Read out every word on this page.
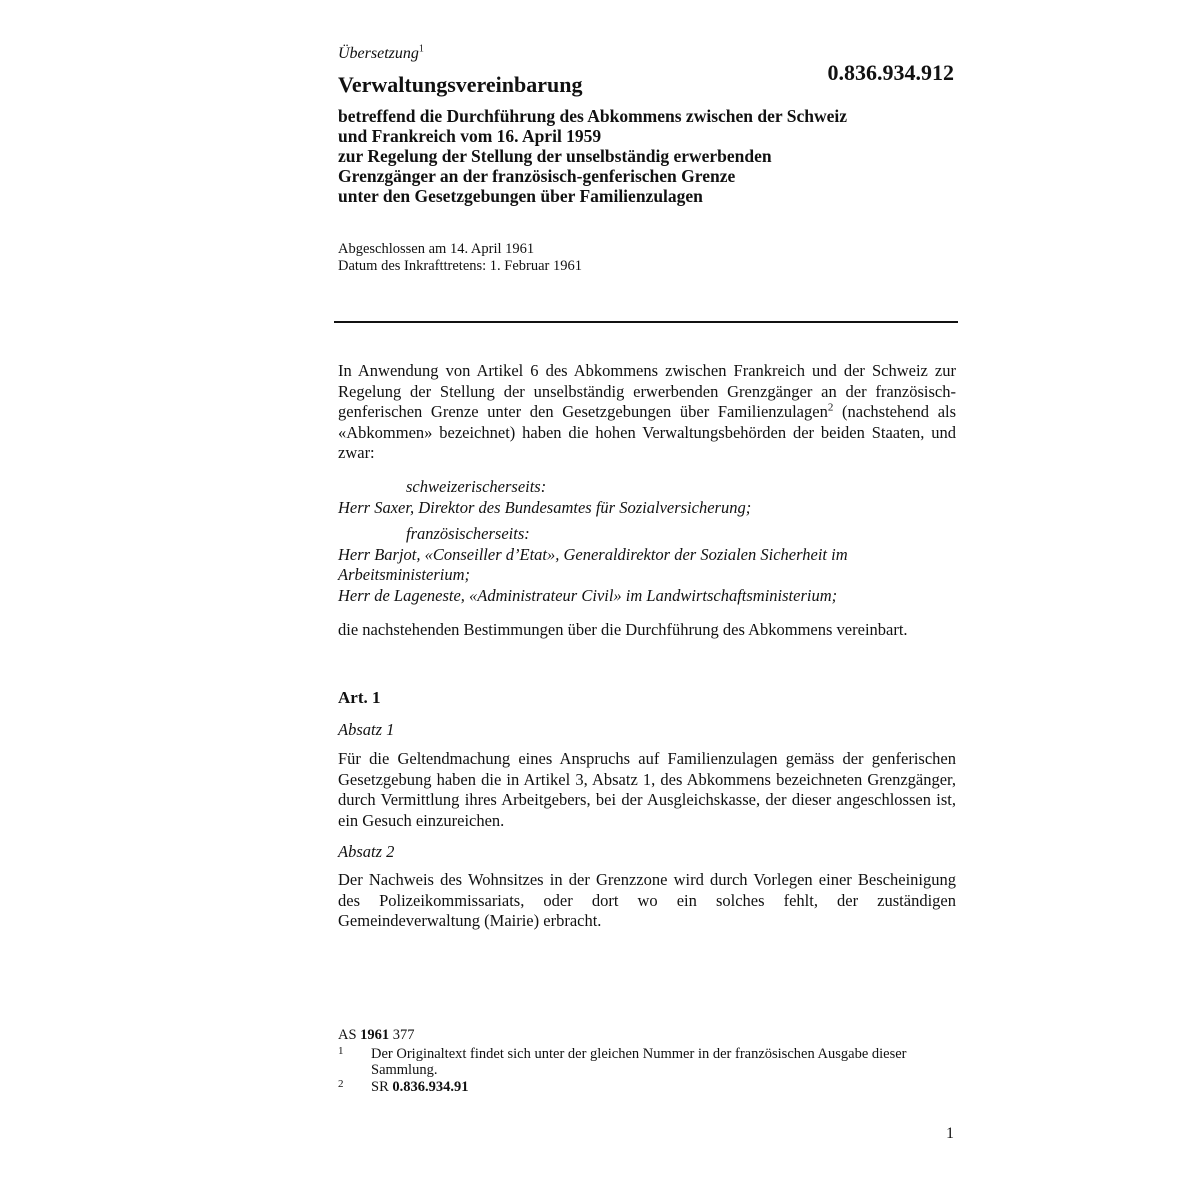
Übersetzung$^1$
Verwaltungsvereinbarung	0.836.934.912
betreffend die Durchführung des Abkommens zwischen der Schweiz
und Frankreich vom 16. April 1959
zur Regelung der Stellung der unselbständig erwerbenden
Grenzgänger an der französisch-genferischen Grenze
unter den Gesetzgebungen über Familienzulagen
Abgeschlossen am 14. April 1961
Datum des Inkrafttretens: 1. Februar 1961
In Anwendung von Artikel 6 des Abkommens zwischen Frankreich und der Schweiz zur Regelung der Stellung der unselbständig erwerbenden Grenzgänger an der französisch-genferischen Grenze unter den Gesetzgebungen über Familienzulagen$^2$ (nachstehend als «Abkommen» bezeichnet) haben die hohen Verwaltungsbehörden der beiden Staaten, und zwar:
schweizerischerseits:
Herr Saxer, Direktor des Bundesamtes für Sozialversicherung;
französischerseits:
Herr Barjot, «Conseiller d’Etat», Generaldirektor der Sozialen Sicherheit im Arbeitsministerium;
Herr de Lageneste, «Administrateur Civil» im Landwirtschaftsministerium;
die nachstehenden Bestimmungen über die Durchführung des Abkommens vereinbart.
Art. 1
Absatz 1
Für die Geltendmachung eines Anspruchs auf Familienzulagen gemäss der genferischen Gesetzgebung haben die in Artikel 3, Absatz 1, des Abkommens bezeichneten Grenzgänger, durch Vermittlung ihres Arbeitgebers, bei der Ausgleichskasse, der dieser angeschlossen ist, ein Gesuch einzureichen.
Absatz 2
Der Nachweis des Wohnsitzes in der Grenzzone wird durch Vorlegen einer Bescheinigung des Polizeikommissariats, oder dort wo ein solches fehlt, der zuständigen Gemeindeverwaltung (Mairie) erbracht.
AS 1961 377
1 Der Originaltext findet sich unter der gleichen Nummer in der französischen Ausgabe dieser Sammlung.
2 SR 0.836.934.91
1
